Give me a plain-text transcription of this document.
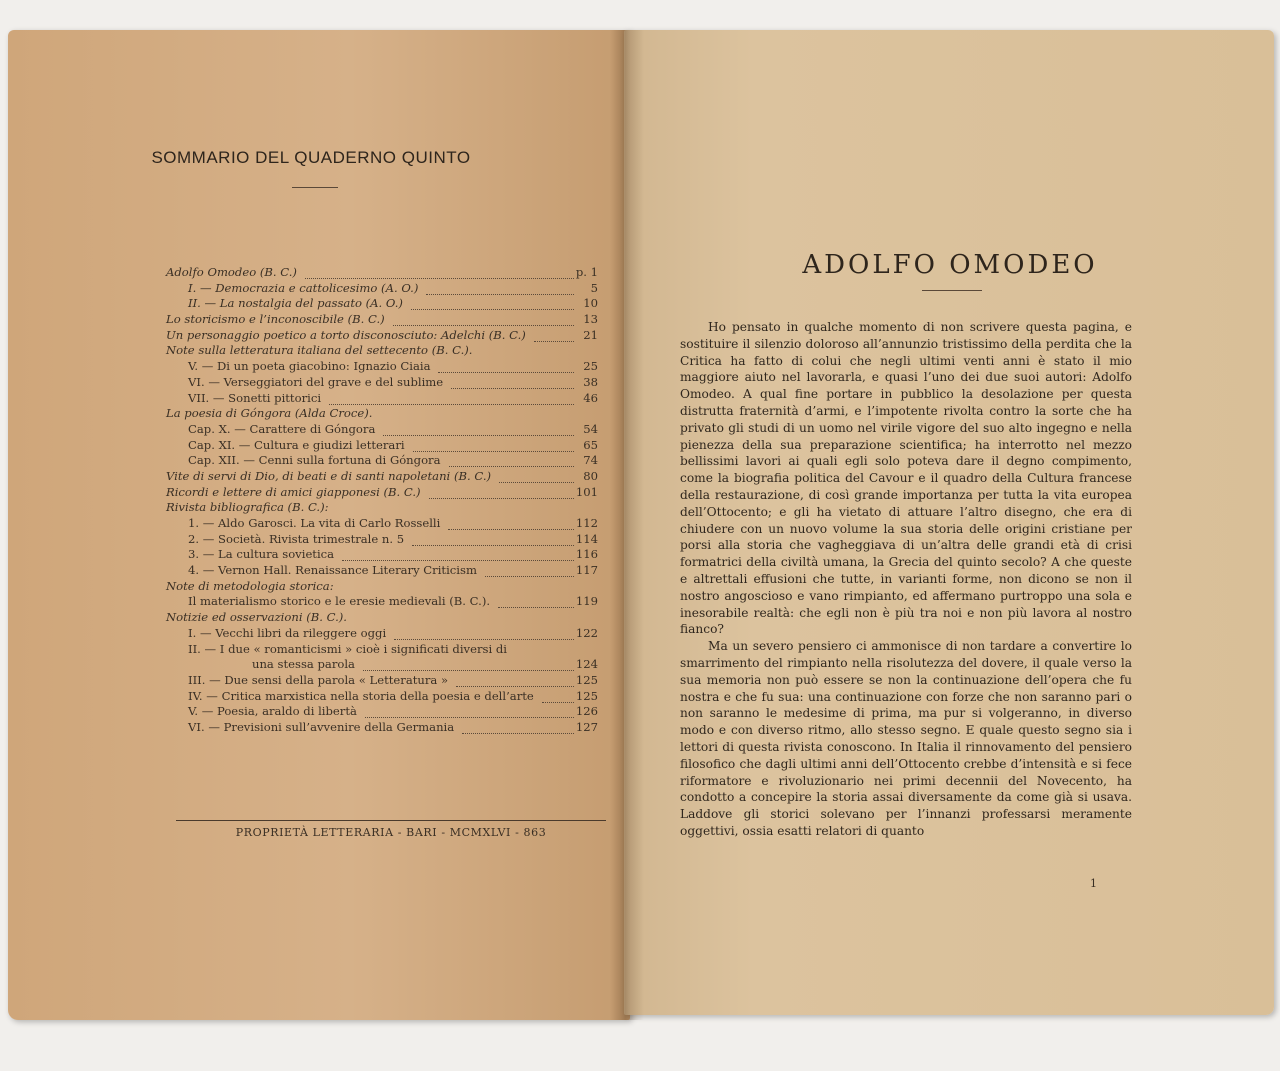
SOMMARIO DEL QUADERNO QUINTO
Adolfo Omodeo (B. C.)	p. 1
I. — Democrazia e cattolicesimo (A. O.)	5
II. — La nostalgia del passato (A. O.)	10
Lo storicismo e l’inconoscibile (B. C.)	13
Un personaggio poetico a torto disconosciuto: Adelchi (B. C.)	21
Note sulla letteratura italiana del settecento (B. C.).
V. — Di un poeta giacobino: Ignazio Ciaia	25
VI. — Verseggiatori del grave e del sublime	38
VII. — Sonetti pittorici	46
La poesia di Góngora (Alda Croce).
Cap. X. — Carattere di Góngora	54
Cap. XI. — Cultura e giudizi letterari	65
Cap. XII. — Cenni sulla fortuna di Góngora	74
Vite di servi di Dio, di beati e di santi napoletani (B. C.)	80
Ricordi e lettere di amici giapponesi (B. C.)	101
Rivista bibliografica (B. C.):
1. — Aldo Garosci. La vita di Carlo Rosselli	112
2. — Società. Rivista trimestrale n. 5	114
3. — La cultura sovietica	116
4. — Vernon Hall. Renaissance Literary Criticism	117
Note di metodologia storica:
Il materialismo storico e le eresie medievali (B. C.).	119
Notizie ed osservazioni (B. C.).
I. — Vecchi libri da rileggere oggi	122
II. — I due « romanticismi » cioè i significati diversi di
una stessa parola	124
III. — Due sensi della parola « Letteratura »	125
IV. — Critica marxistica nella storia della poesia e dell’arte	125
V. — Poesia, araldo di libertà	126
VI. — Previsioni sull’avvenire della Germania	127
PROPRIETÀ LETTERARIA - BARI - MCMXLVI - 863
ADOLFO OMODEO

Ho pensato in qualche momento di non scrivere questa pagina, e sostituire il silenzio doloroso all’annunzio tristissimo della perdita che la Critica ha fatto di colui che negli ultimi venti anni è stato il mio maggiore aiuto nel lavorarla, e quasi l’uno dei due suoi autori: Adolfo Omodeo. A qual fine portare in pubblico la desolazione per questa distrutta fraternità d’armi, e l’impotente rivolta contro la sorte che ha privato gli studi di un uomo nel virile vigore del suo alto ingegno e nella pienezza della sua preparazione scientifica; ha interrotto nel mezzo bellissimi lavori ai quali egli solo poteva dare il degno compimento, come la biografia politica del Cavour e il quadro della Cultura francese della restaurazione, di così grande importanza per tutta la vita europea dell’Ottocento; e gli ha vietato di attuare l’altro disegno, che era di chiudere con un nuovo volume la sua storia delle origini cristiane per porsi alla storia che vagheggiava di un’altra delle grandi età di crisi formatrici della civiltà umana, la Grecia del quinto secolo? A che queste e altrettali effusioni che tutte, in varianti forme, non dicono se non il nostro angoscioso e vano rimpianto, ed affermano purtroppo una sola e inesorabile realtà: che egli non è più tra noi e non più lavora al nostro fianco?

Ma un severo pensiero ci ammonisce di non tardare a convertire lo smarrimento del rimpianto nella risolutezza del dovere, il quale verso la sua memoria non può essere se non la continuazione dell’opera che fu nostra e che fu sua: una continuazione con forze che non saranno pari o non saranno le medesime di prima, ma pur si volgeranno, in diverso modo e con diverso ritmo, allo stesso segno. E quale questo segno sia i lettori di questa rivista conoscono. In Italia il rinnovamento del pensiero filosofico che dagli ultimi anni dell’Ottocento crebbe d’intensità e si fece riformatore e rivoluzionario nei primi decennii del Novecento, ha condotto a concepire la storia assai diversamente da come già si usava. Laddove gli storici solevano per l’innanzi professarsi meramente oggettivi, ossia esatti relatori di quanto

1
